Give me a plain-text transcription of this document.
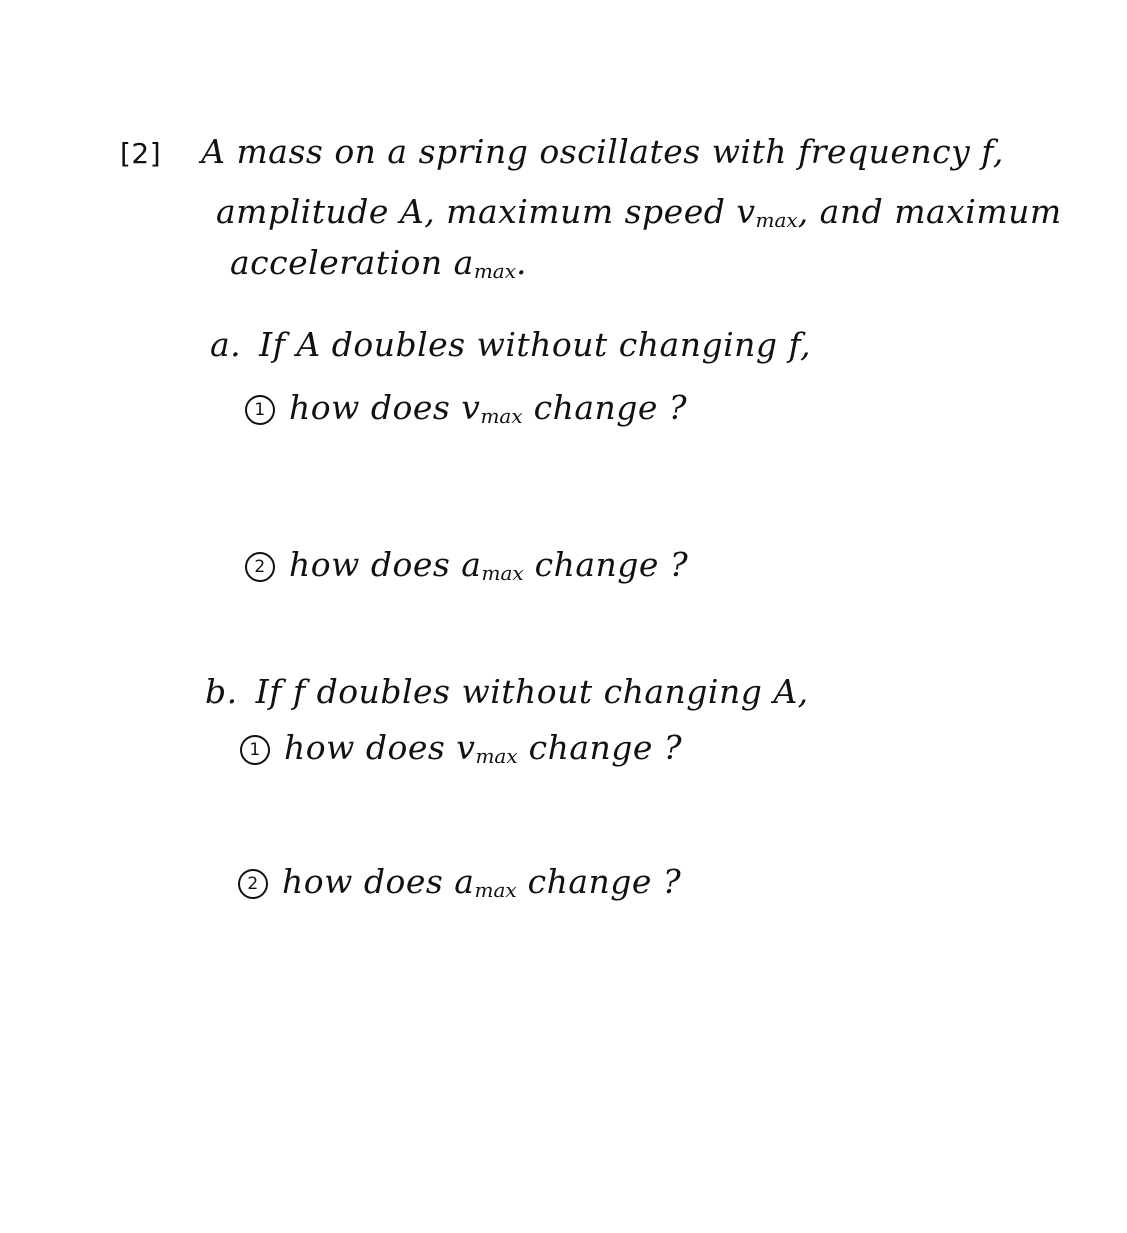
[2] A mass on a spring oscillates with frequency f,
amplitude A, maximum speed $v_{max}$, and maximum
acceleration $a_{max}$.
a. If A doubles without changing f,
1 how does $v_{max}$ change ?
2 how does $a_{max}$ change ?
b. If f doubles without changing A,
1 how does $v_{max}$ change ?
2 how does $a_{max}$ change ?
